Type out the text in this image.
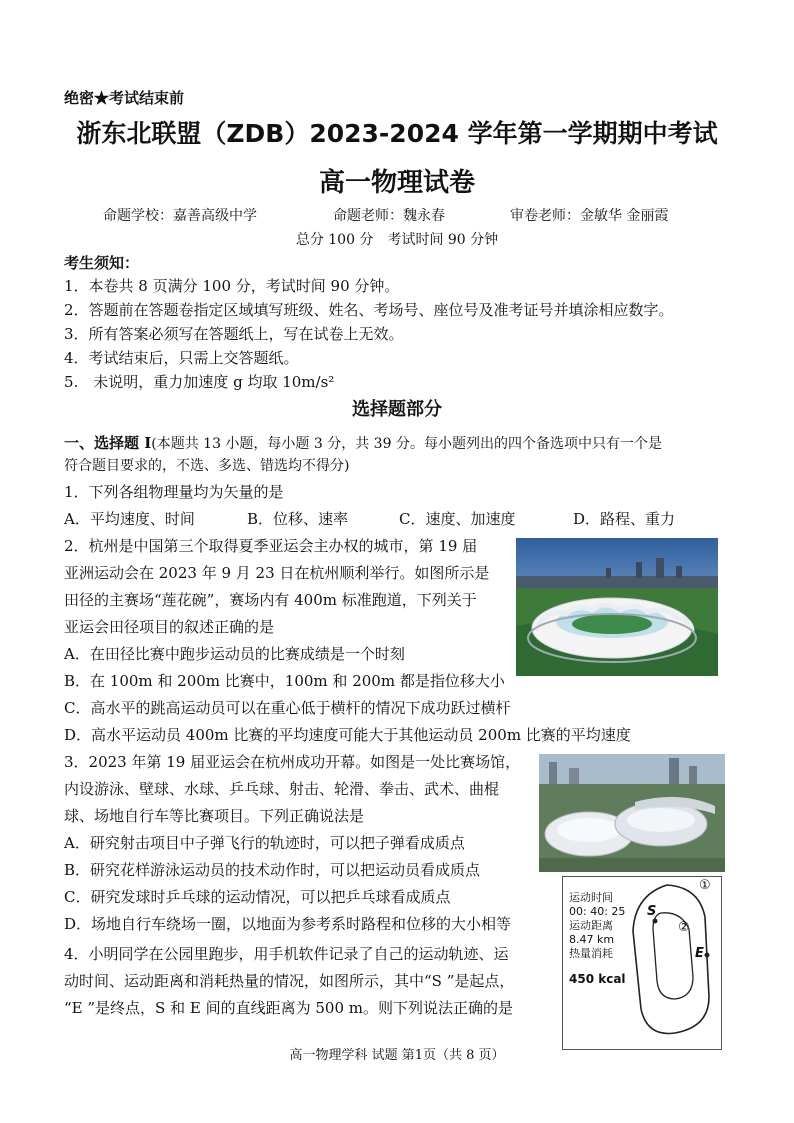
绝密★考试结束前
浙东北联盟（ZDB）2023-2024 学年第一学期期中考试
高一物理试卷
命题学校：嘉善高级中学	命题老师：魏永春	审卷老师：金敏华 金丽霞
总分 100 分　考试时间 90 分钟
考生须知：
1．本卷共 8 页满分 100 分，考试时间 90 分钟。
2．答题前在答题卷指定区域填写班级、姓名、考场号、座位号及准考证号并填涂相应数字。
3．所有答案必须写在答题纸上，写在试卷上无效。
4．考试结束后，只需上交答题纸。
5.　未说明，重力加速度 g 均取 10m/s²
选择题部分
一、选择题 I(本题共 13 小题，每小题 3 分，共 39 分。每小题列出的四个备选项中只有一个是
符合题目要求的，不选、多选、错选均不得分)
1．下列各组物理量均为矢量的是
A．平均速度、时间	B．位移、速率	C．速度、加速度	D．路程、重力
2．杭州是中国第三个取得夏季亚运会主办权的城市，第 19 届
亚洲运动会在 2023 年 9 月 23 日在杭州顺利举行。如图所示是
田径的主赛场“莲花碗”，赛场内有 400m 标准跑道，下列关于
亚运会田径项目的叙述正确的是
A．在田径比赛中跑步运动员的比赛成绩是一个时刻
B．在 100m 和 200m 比赛中，100m 和 200m 都是指位移大小
C．高水平的跳高运动员可以在重心低于横杆的情况下成功跃过横杆
D．高水平运动员 400m 比赛的平均速度可能大于其他运动员 200m 比赛的平均速度
3．2023 年第 19 届亚运会在杭州成功开幕。如图是一处比赛场馆，
内设游泳、壁球、水球、乒乓球、射击、轮滑、拳击、武术、曲棍
球、场地自行车等比赛项目。下列正确说法是
A．研究射击项目中子弹飞行的轨迹时，可以把子弹看成质点
B．研究花样游泳运动员的技术动作时，可以把运动员看成质点
C．研究发球时乒乓球的运动情况，可以把乒乓球看成质点
D．场地自行车绕场一圈，以地面为参考系时路程和位移的大小相等
4．小明同学在公园里跑步，用手机软件记录了自己的运动轨迹、运
动时间、运动距离和消耗热量的情况，如图所示，其中“S ”是起点，
“E ”是终点，S 和 E 间的直线距离为 500 m。则下列说法正确的是
运动时间
00: 40: 25
运动距离
8.47 km
热量消耗
450 kcal
①
②
S
E
高一物理学科 试题 第1页（共 8 页）
